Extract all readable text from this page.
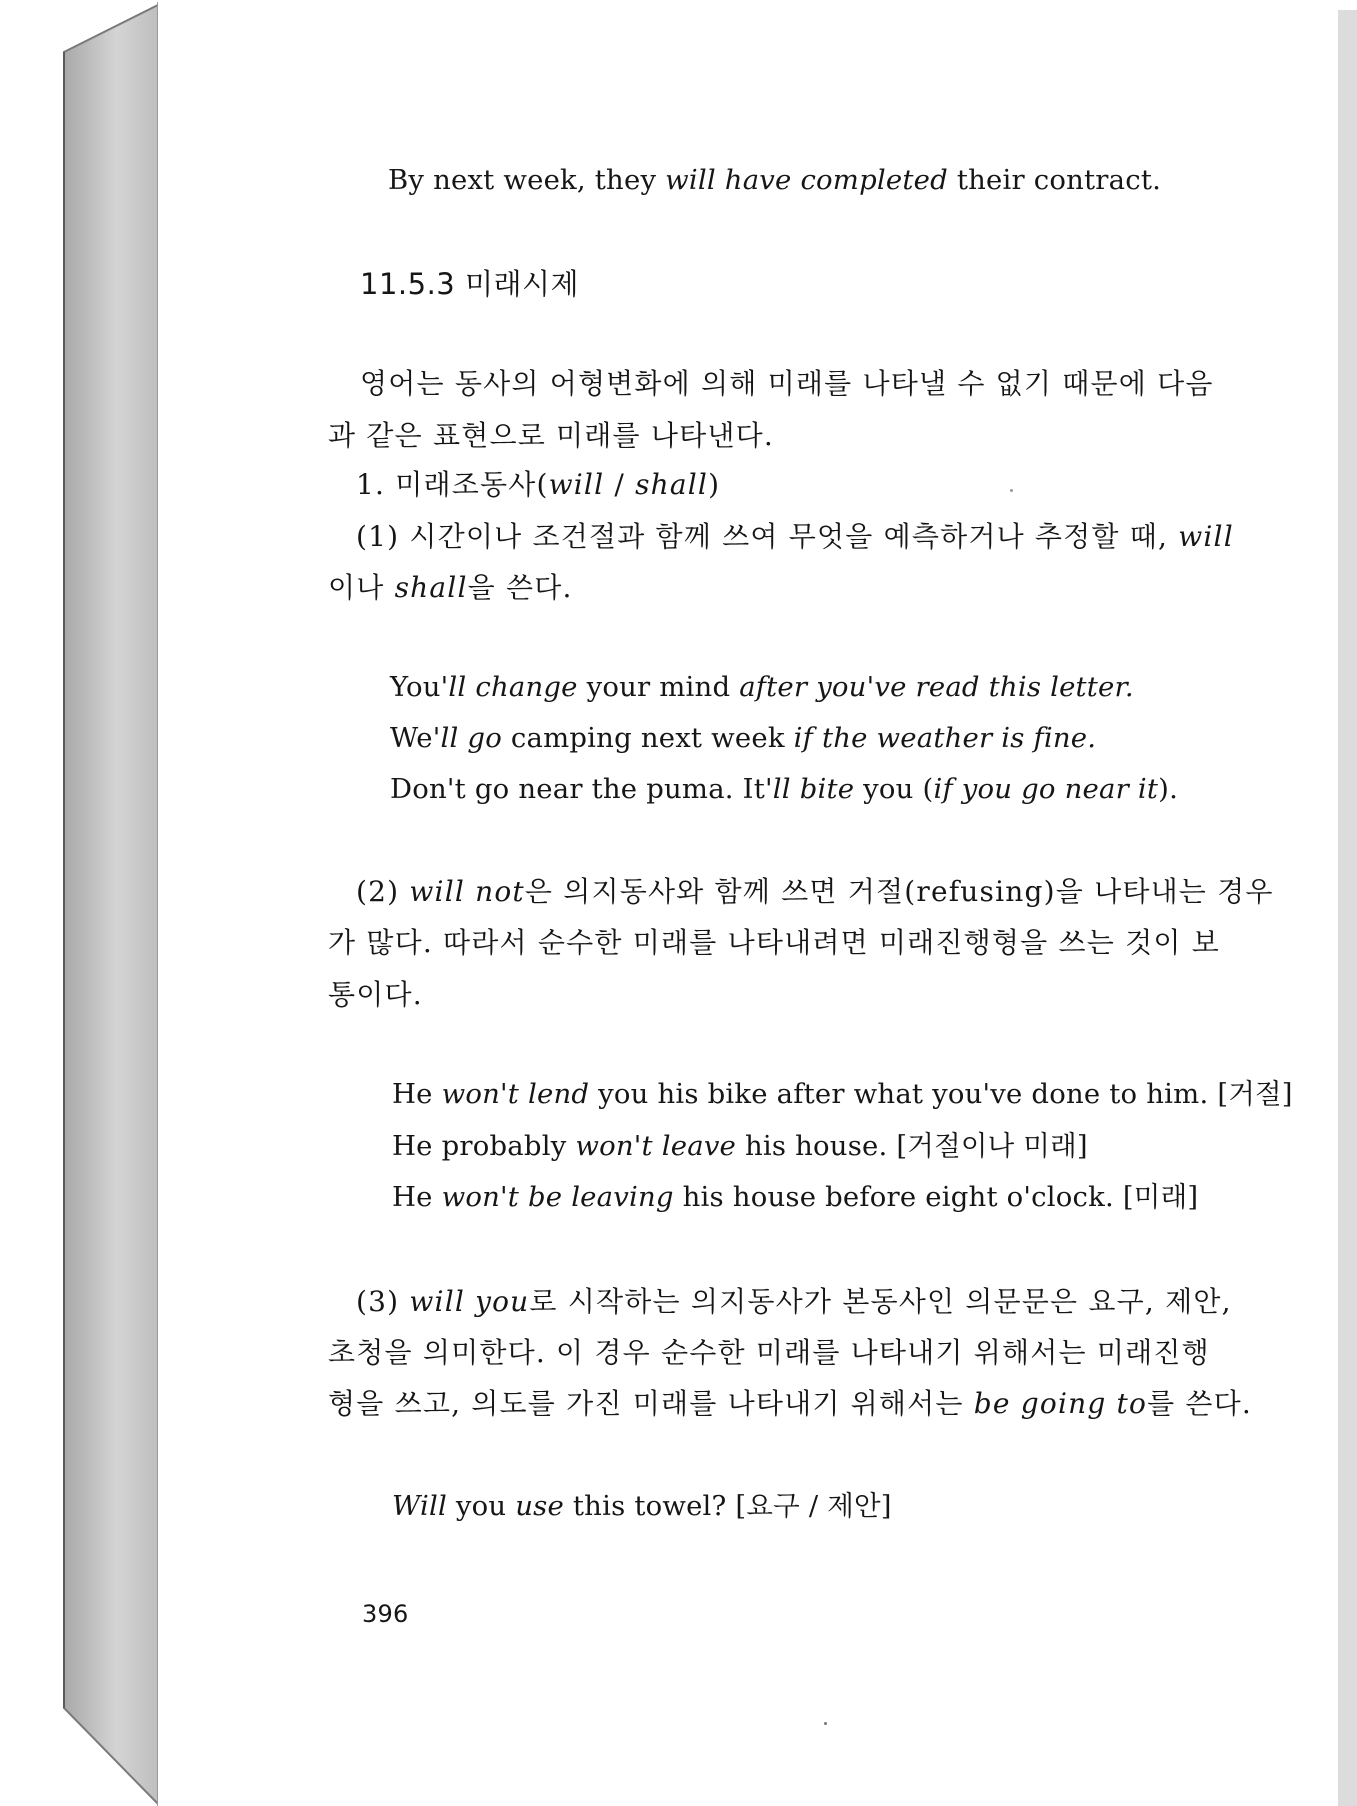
By next week, they will have completed their contract.
11.5.3 미래시제
영어는 동사의 어형변화에 의해 미래를 나타낼 수 없기 때문에 다음
과 같은 표현으로 미래를 나타낸다.
1. 미래조동사(will / shall)
(1) 시간이나 조건절과 함께 쓰여 무엇을 예측하거나 추정할 때, will
이나 shall을 쓴다.
You'll change your mind after you've read this letter.
We'll go camping next week if the weather is fine.
Don't go near the puma. It'll bite you (if you go near it).
(2) will not은 의지동사와 함께 쓰면 거절(refusing)을 나타내는 경우
가 많다. 따라서 순수한 미래를 나타내려면 미래진행형을 쓰는 것이 보
통이다.
He won't lend you his bike after what you've done to him. [거절]
He probably won't leave his house. [거절이나 미래]
He won't be leaving his house before eight o'clock. [미래]
(3) will you로 시작하는 의지동사가 본동사인 의문문은 요구, 제안,
초청을 의미한다. 이 경우 순수한 미래를 나타내기 위해서는 미래진행
형을 쓰고, 의도를 가진 미래를 나타내기 위해서는 be going to를 쓴다.
Will you use this towel? [요구 / 제안]
396
